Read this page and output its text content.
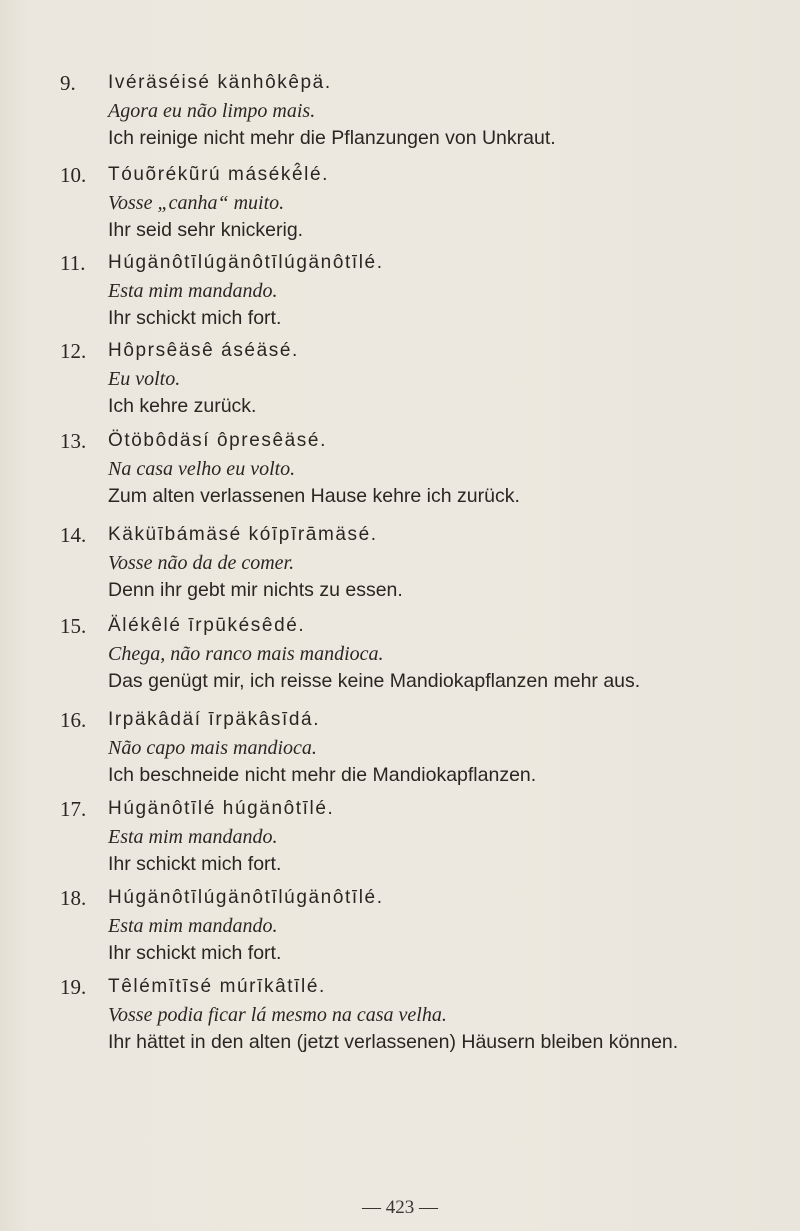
9.	Ivéräséisé känhôkêpä.
Agora eu não limpo mais.
Ich reinige nicht mehr die Pflanzungen von Unkraut.
10.	Tóuõrékũrú máséké̂lé.
Vosse „canha“ muito.
Ihr seid sehr knickerig.
11.	Húgänôtīlúgänôtīlúgänôtīlé.
Esta mim mandando.
Ihr schickt mich fort.
12.	Hôprsêäsê áséäsé.
Eu volto.
Ich kehre zurück.
13.	Ötöbôdäsí ôpresêäsé.
Na casa velho eu volto.
Zum alten verlassenen Hause kehre ich zurück.
14.	Käküībámäsé kóīpīrāmäsé.
Vosse não da de comer.
Denn ihr gebt mir nichts zu essen.
15.	Älékêlé īrpūkésêdé.
Chega, não ranco mais mandioca.
Das genügt mir, ich reisse keine Mandiokapflanzen mehr aus.
16.	Irpäkâdäí īrpäkâsīdá.
Não capo mais mandioca.
Ich beschneide nicht mehr die Mandiokapflanzen.
17.	Húgänôtīlé húgänôtīlé.
Esta mim mandando.
Ihr schickt mich fort.
18.	Húgänôtīlúgänôtīlúgänôtīlé.
Esta mim mandando.
Ihr schickt mich fort.
19.	Têlémītīsé múrīkâtīlé.
Vosse podia ficar lá mesmo na casa velha.
Ihr hättet in den alten (jetzt verlassenen) Häusern bleiben können.
— 423 —
